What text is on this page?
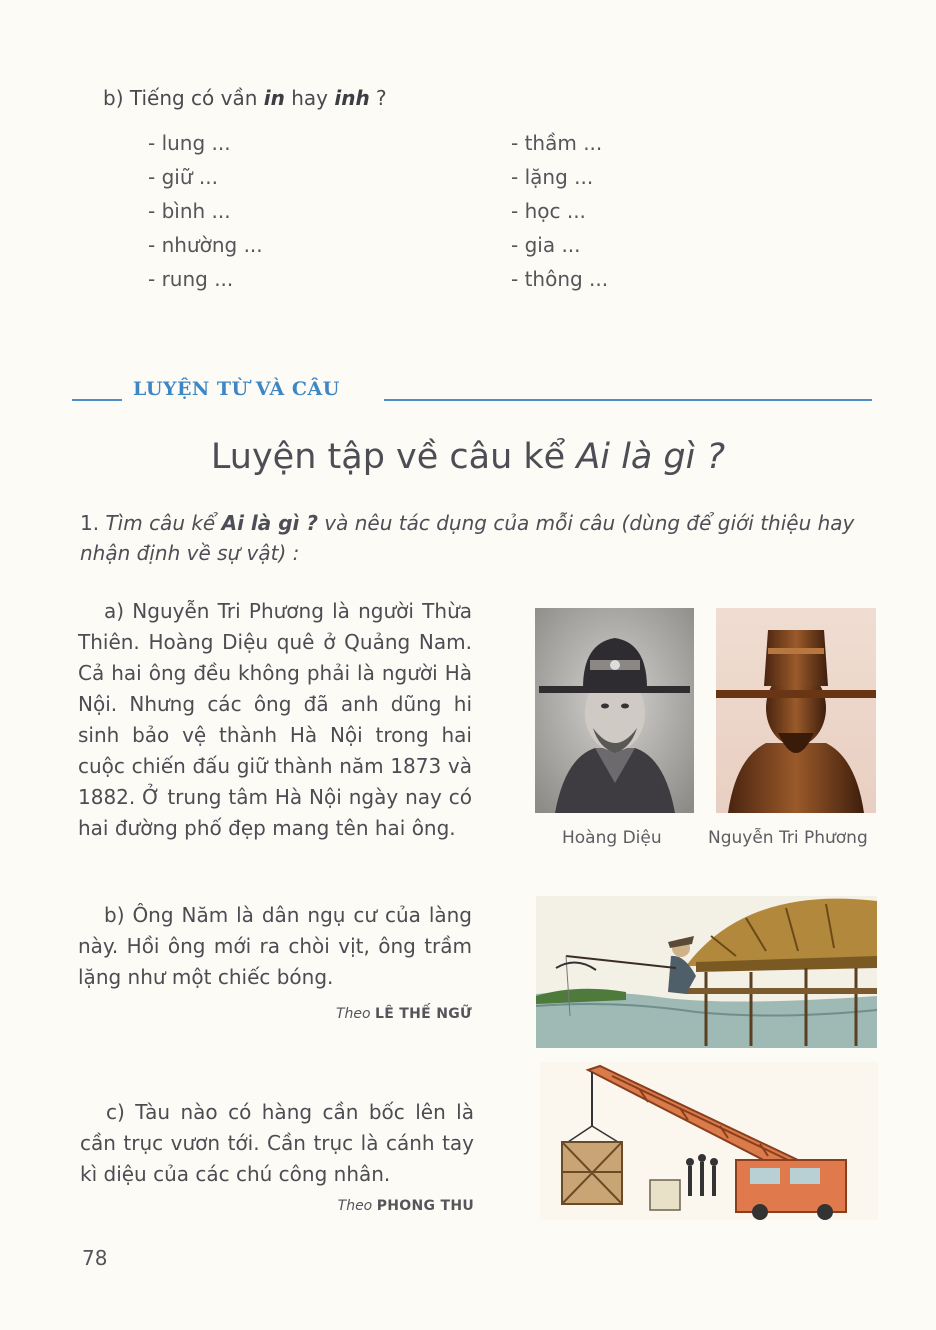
b) Tiếng có vần in hay inh ?
- lung ...
- giữ ...
- bình ...
- nhường ...
- rung ...
- thầm ...
- lặng ...
- học ...
- gia ...
- thông ...
LUYỆN TỪ VÀ CÂU
Luyện tập về câu kể Ai là gì ?
1. Tìm câu kể Ai là gì ? và nêu tác dụng của mỗi câu (dùng để giới thiệu hay nhận định về sự vật) :
a) Nguyễn Tri Phương là người Thừa Thiên. Hoàng Diệu quê ở Quảng Nam. Cả hai ông đều không phải là người Hà Nội. Nhưng các ông đã anh dũng hi sinh bảo vệ thành Hà Nội trong hai cuộc chiến đấu giữ thành năm 1873 và 1882. Ở trung tâm Hà Nội ngày nay có hai đường phố đẹp mang tên hai ông.	Hoàng Diệu	Nguyễn Tri Phương
b) Ông Năm là dân ngụ cư của làng này. Hồi ông mới ra chòi vịt, ông trầm lặng như một chiếc bóng.
Theo LÊ THẾ NGỮ
c) Tàu nào có hàng cần bốc lên là cần trục vươn tới. Cần trục là cánh tay kì diệu của các chú công nhân.
Theo PHONG THU
78
